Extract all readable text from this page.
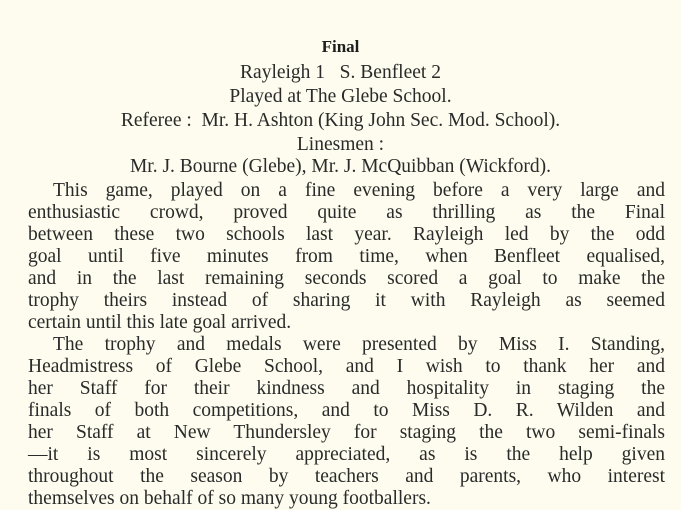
Final
Rayleigh 1   S. Benfleet 2
Played at The Glebe School.
Referee :  Mr. H. Ashton (King John Sec. Mod. School).
Linesmen :
Mr. J. Bourne (Glebe), Mr. J. McQuibban (Wickford).
This game, played on a fine evening before a very large and
enthusiastic crowd, proved quite as thrilling as the Final
between these two schools last year. Rayleigh led by the odd
goal until five minutes from time, when Benfleet equalised,
and in the last remaining seconds scored a goal to make the
trophy theirs instead of sharing it with Rayleigh as seemed
certain until this late goal arrived.
The trophy and medals were presented by Miss I. Standing,
Headmistress of Glebe School, and I wish to thank her and
her Staff for their kindness and hospitality in staging the
finals of both competitions, and to Miss D. R. Wilden and
her Staff at New Thundersley for staging the two semi-finals
—it is most sincerely appreciated, as is the help given
throughout the season by teachers and parents, who interest
themselves on behalf of so many young footballers.
